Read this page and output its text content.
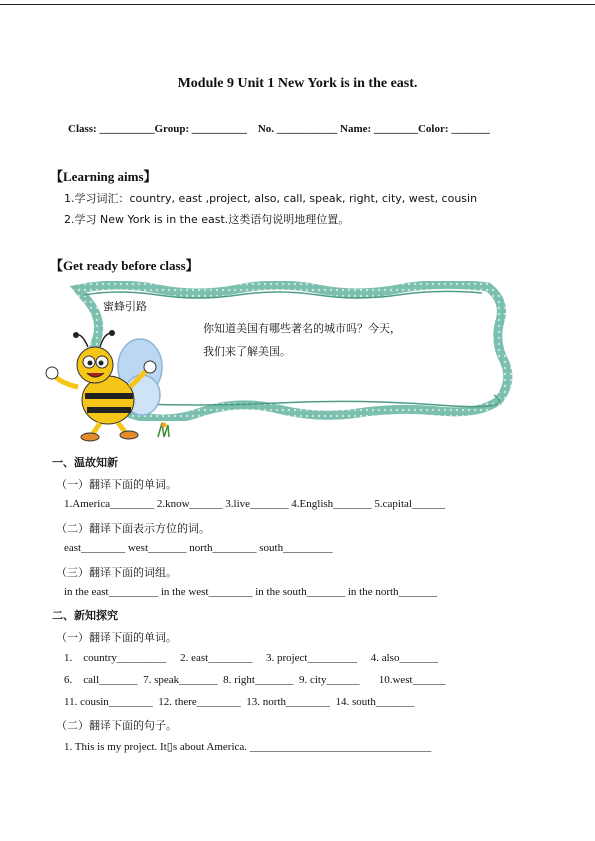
Module 9 Unit 1 New York is in the east.
Class: __________Group: __________    No. ___________ Name: ________Color: _______
【Learning aims】
1.学习词汇：country, east ,project, also, call, speak, right, city, west, cousin
2.学习 New York is in the east.这类语句说明地理位置。
【Get ready before class】
蜜蜂引路
你知道美国有哪些著名的城市吗？今天，
我们来了解美国。
一、温故知新
（一）翻译下面的单词。
1.America________ 2.know______ 3.live_______ 4.English_______ 5.capital______
（二）翻译下面表示方位的词。
east________ west_______ north________ south_________
（三）翻译下面的词组。
in the east_________ in the west________ in the south_______ in the north_______
二、新知探究
（一）翻译下面的单词。
1.    country_________     2. east________     3. project_________     4. also_______
6.    call_______  7. speak_______  8. right_______  9. city______       10.west______
11. cousin________  12. there________  13. north________  14. south_______
（二）翻译下面的句子。
1. This is my project. It▯s about America. _________________________________
